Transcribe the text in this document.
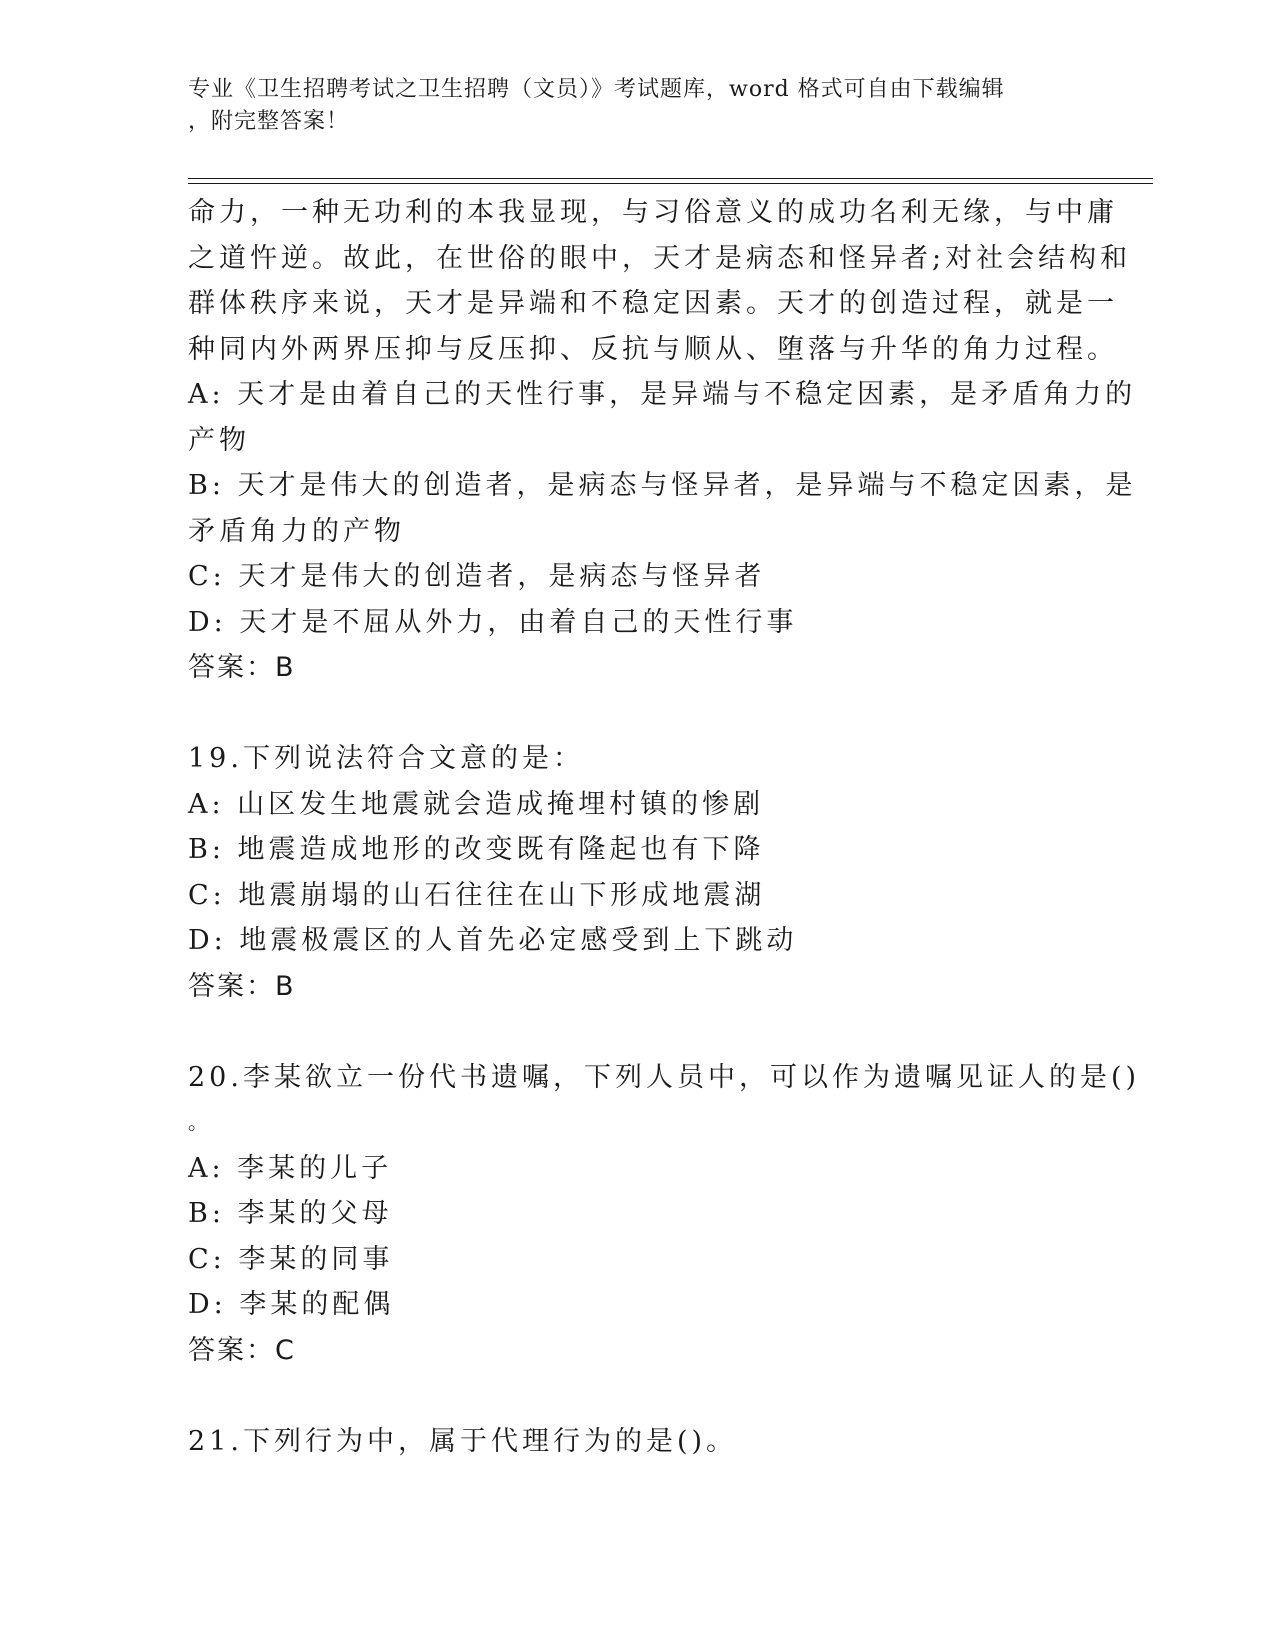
专业《卫生招聘考试之卫生招聘（文员）》考试题库，word 格式可自由下载编辑
，附完整答案！
命力，一种无功利的本我显现，与习俗意义的成功名利无缘，与中庸
之道忤逆。故此，在世俗的眼中，天才是病态和怪异者;对社会结构和
群体秩序来说，天才是异端和不稳定因素。天才的创造过程，就是一
种同内外两界压抑与反压抑、反抗与顺从、堕落与升华的角力过程。
A: 天才是由着自己的天性行事，是异端与不稳定因素，是矛盾角力的
产物
B: 天才是伟大的创造者，是病态与怪异者，是异端与不稳定因素，是
矛盾角力的产物
C: 天才是伟大的创造者，是病态与怪异者
D: 天才是不屈从外力，由着自己的天性行事
答案：B
19.下列说法符合文意的是：
A: 山区发生地震就会造成掩埋村镇的惨剧
B: 地震造成地形的改变既有隆起也有下降
C: 地震崩塌的山石往往在山下形成地震湖
D: 地震极震区的人首先必定感受到上下跳动
答案：B
20.李某欲立一份代书遗嘱，下列人员中，可以作为遗嘱见证人的是()
。
A: 李某的儿子
B: 李某的父母
C: 李某的同事
D: 李某的配偶
答案：C
21.下列行为中，属于代理行为的是()。
